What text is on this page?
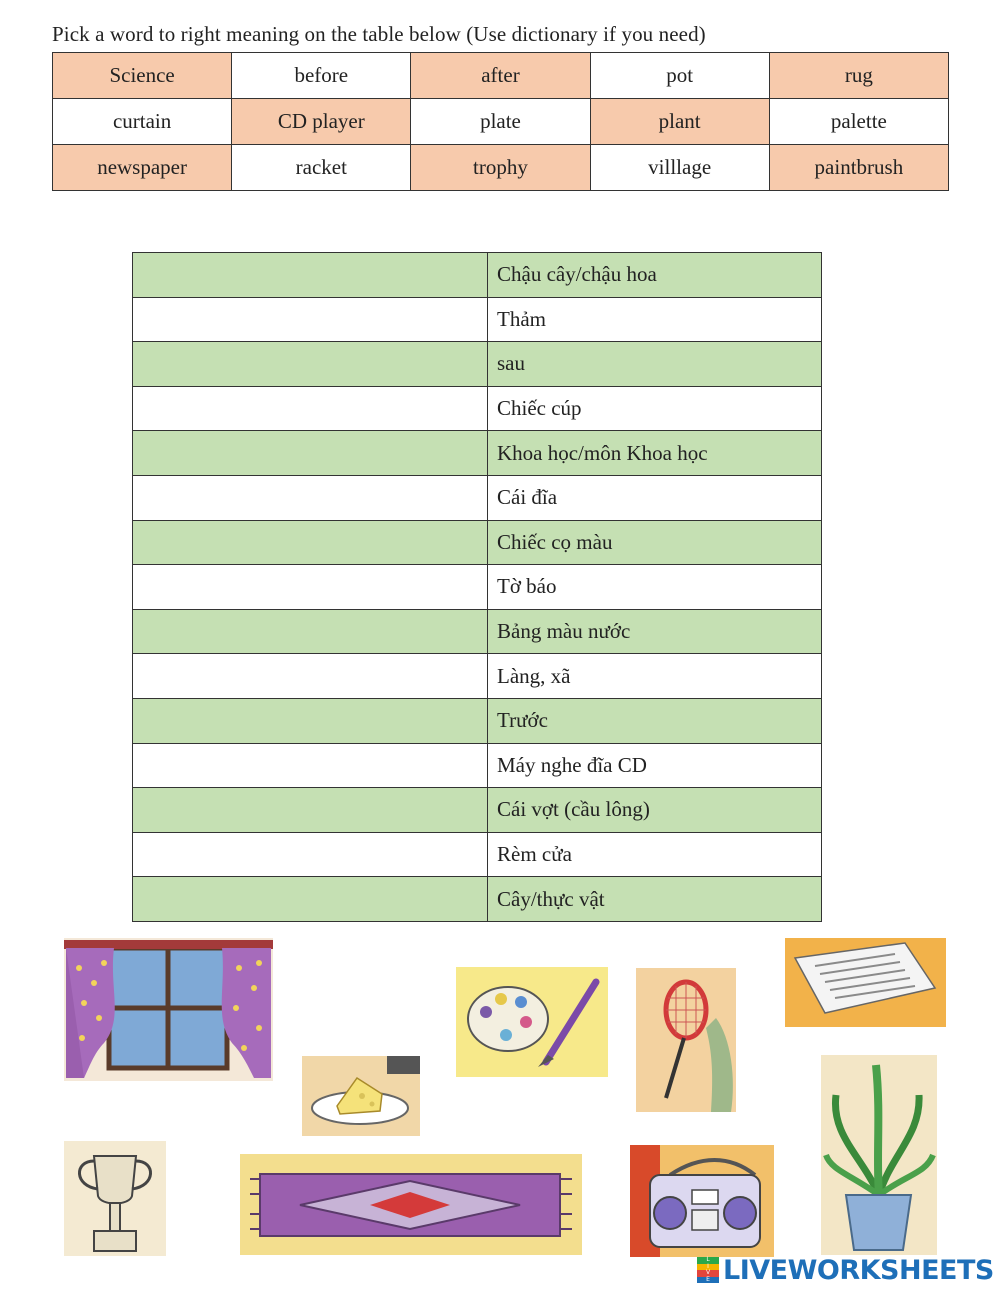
Pick a word to right meaning on the table below (Use dictionary if you need)
Science	before	after	pot	rug
curtain	CD player	plate	plant	palette
newspaper	racket	trophy	villlage	paintbrush
	Chậu cây/chậu hoa
	Thảm
	sau
	Chiếc cúp
	Khoa học/môn Khoa học
	Cái đĩa
	Chiếc cọ màu
	Tờ báo
	Bảng màu nước
	Làng, xã
	Trước
	Máy nghe đĩa CD
	Cái vợt (cầu lông)
	Rèm cửa
	Cây/thực vật
L
I
V
E LIVEWORKSHEETS
